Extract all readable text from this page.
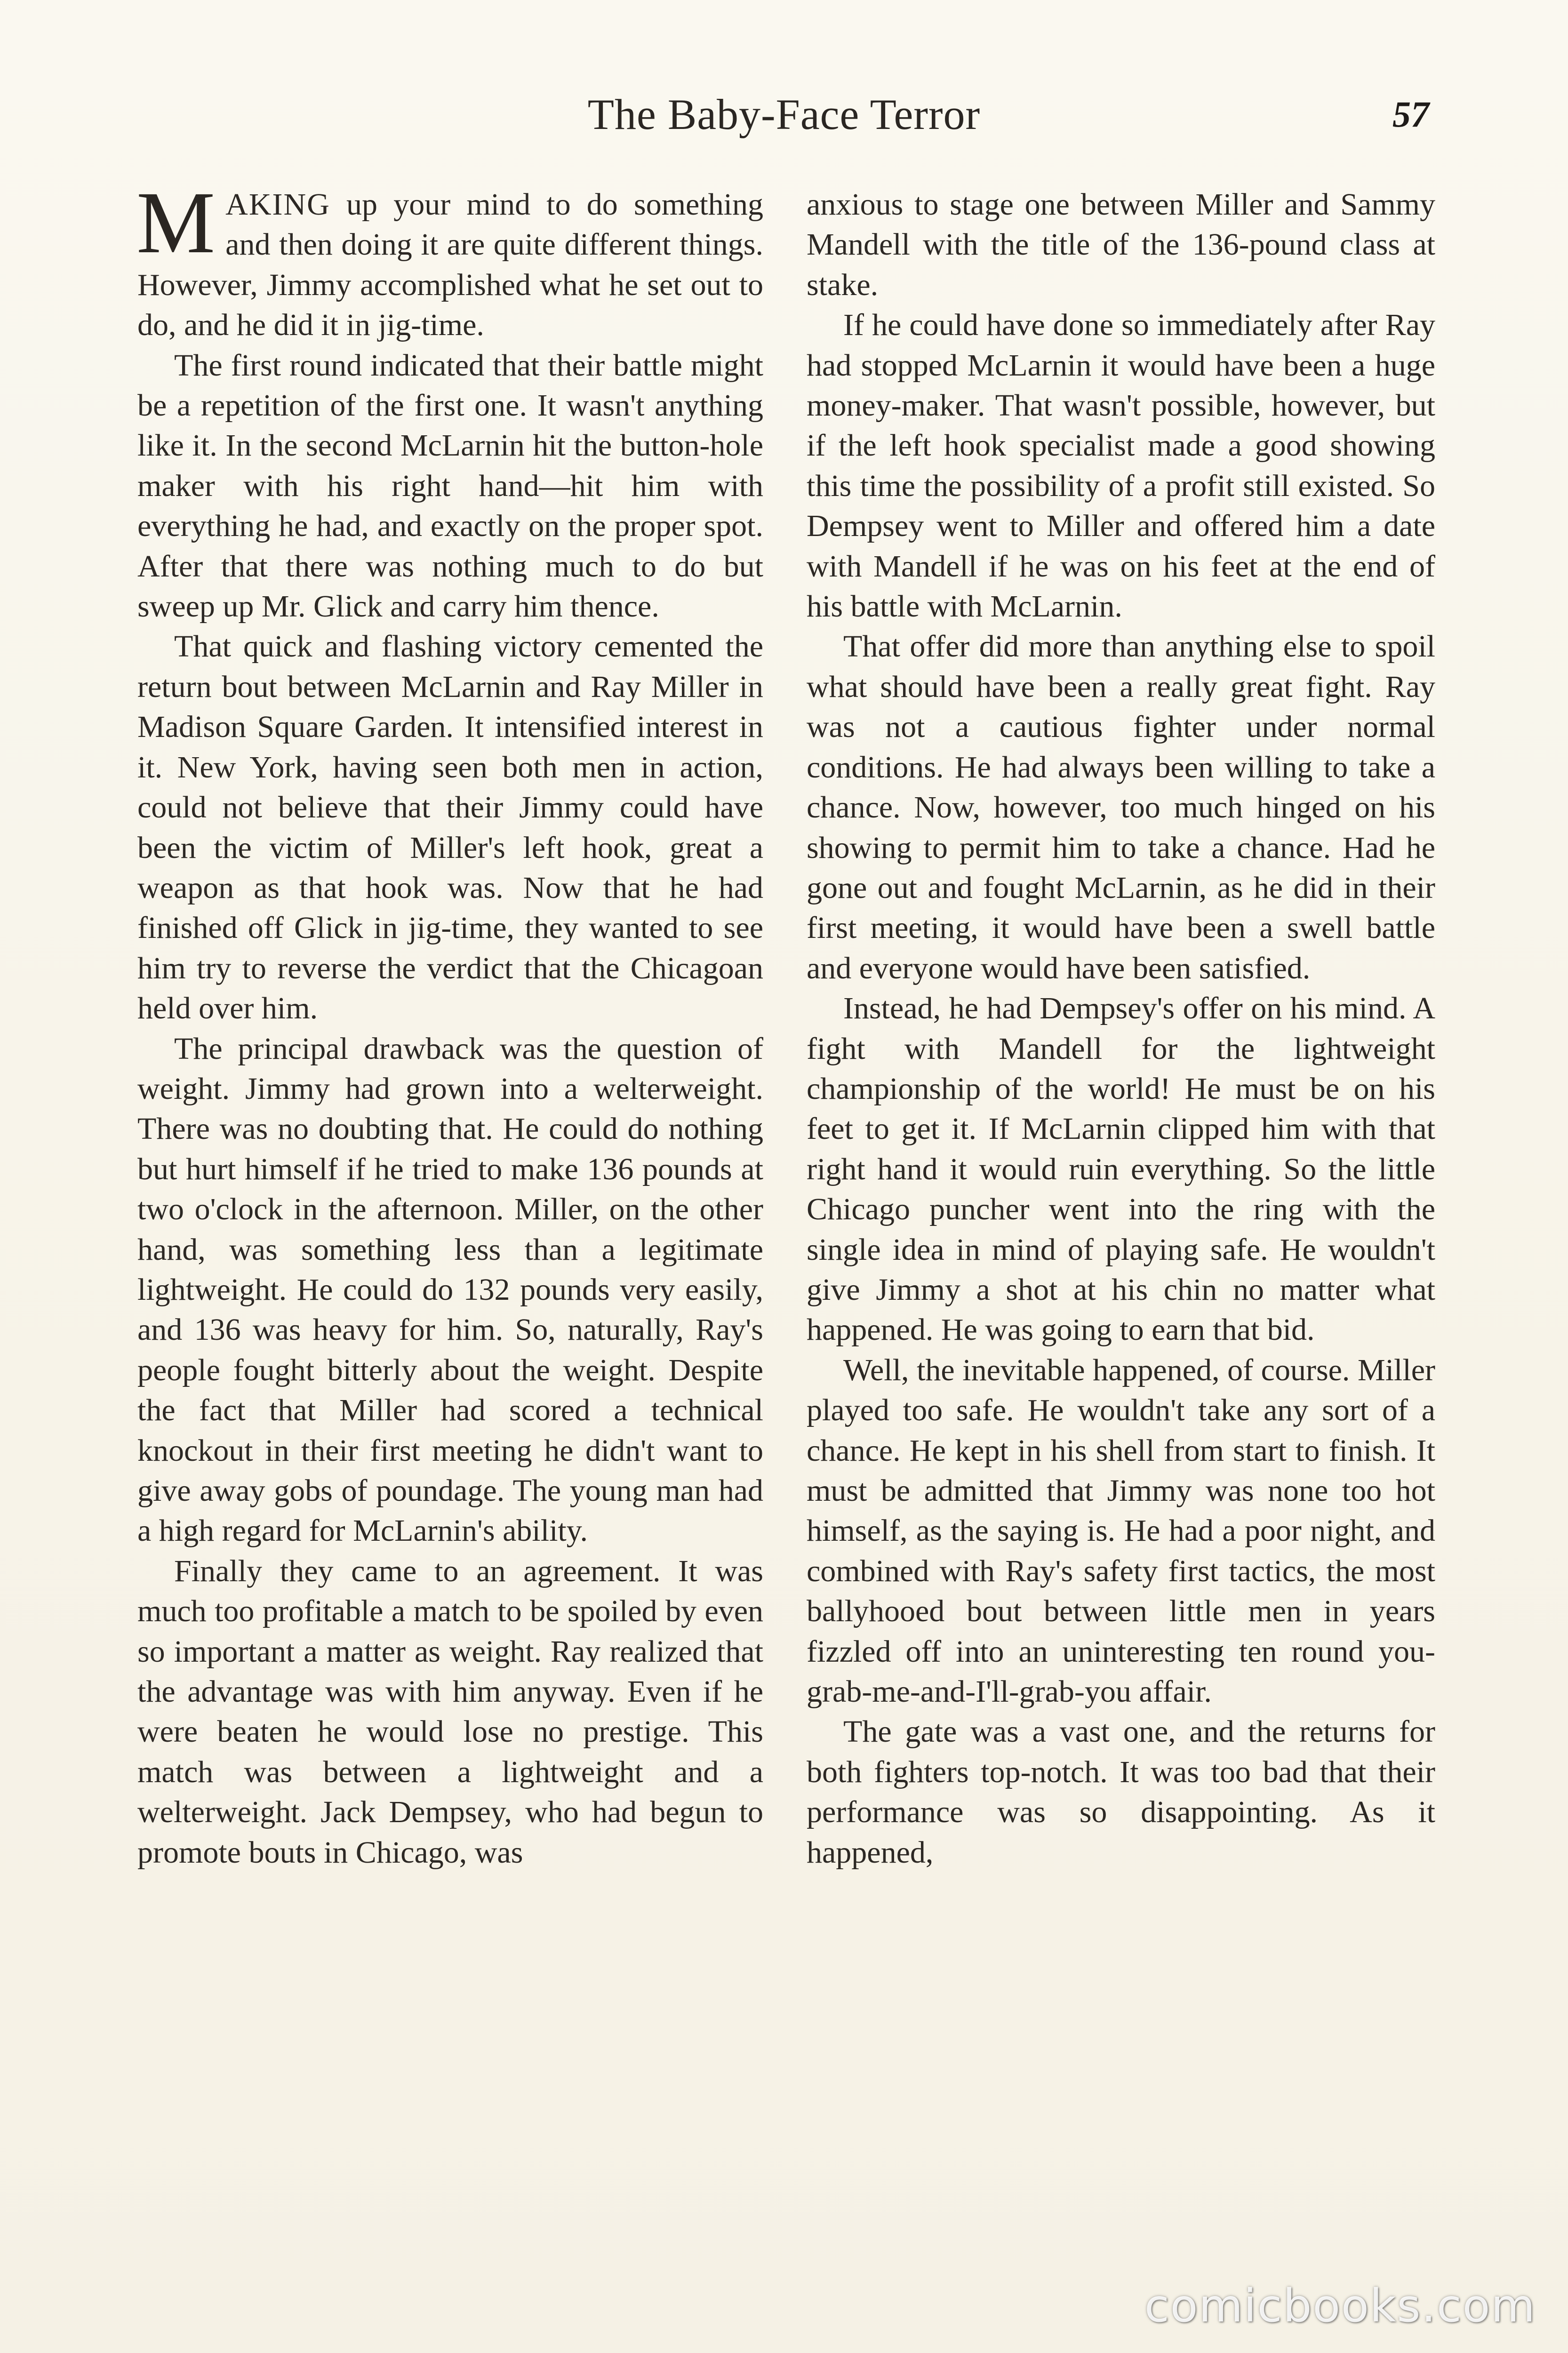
The Baby-Face Terror	57

MAKING up your mind to do something and then doing it are quite different things. However, Jimmy accomplished what he set out to do, and he did it in jig-time.

The first round indicated that their battle might be a repetition of the first one. It wasn't anything like it. In the second McLarnin hit the button-hole maker with his right hand—hit him with everything he had, and exactly on the proper spot. After that there was nothing much to do but sweep up Mr. Glick and carry him thence.

That quick and flashing victory cemented the return bout between McLarnin and Ray Miller in Madison Square Garden. It intensified interest in it. New York, having seen both men in action, could not believe that their Jimmy could have been the victim of Miller's left hook, great a weapon as that hook was. Now that he had finished off Glick in jig-time, they wanted to see him try to reverse the verdict that the Chicagoan held over him.

The principal drawback was the question of weight. Jimmy had grown into a welterweight. There was no doubting that. He could do nothing but hurt himself if he tried to make 136 pounds at two o'clock in the afternoon. Miller, on the other hand, was something less than a legitimate lightweight. He could do 132 pounds very easily, and 136 was heavy for him. So, naturally, Ray's people fought bitterly about the weight. Despite the fact that Miller had scored a technical knockout in their first meeting he didn't want to give away gobs of poundage. The young man had a high regard for McLarnin's ability.

Finally they came to an agreement. It was much too profitable a match to be spoiled by even so important a matter as weight. Ray realized that the advantage was with him anyway. Even if he were beaten he would lose no prestige. This match was between a lightweight and a welterweight. Jack Dempsey, who had begun to promote bouts in Chicago, was

anxious to stage one between Miller and Sammy Mandell with the title of the 136-pound class at stake.

If he could have done so immediately after Ray had stopped McLarnin it would have been a huge money-maker. That wasn't possible, however, but if the left hook specialist made a good showing this time the possibility of a profit still existed. So Dempsey went to Miller and offered him a date with Mandell if he was on his feet at the end of his battle with McLarnin.

That offer did more than anything else to spoil what should have been a really great fight. Ray was not a cautious fighter under normal conditions. He had always been willing to take a chance. Now, however, too much hinged on his showing to permit him to take a chance. Had he gone out and fought McLarnin, as he did in their first meeting, it would have been a swell battle and everyone would have been satisfied.

Instead, he had Dempsey's offer on his mind. A fight with Mandell for the lightweight championship of the world! He must be on his feet to get it. If McLarnin clipped him with that right hand it would ruin everything. So the little Chicago puncher went into the ring with the single idea in mind of playing safe. He wouldn't give Jimmy a shot at his chin no matter what happened. He was going to earn that bid.

Well, the inevitable happened, of course. Miller played too safe. He wouldn't take any sort of a chance. He kept in his shell from start to finish. It must be admitted that Jimmy was none too hot himself, as the saying is. He had a poor night, and combined with Ray's safety first tactics, the most ballyhooed bout between little men in years fizzled off into an uninteresting ten round you-grab-me-and-I'll-grab-you affair.

The gate was a vast one, and the returns for both fighters top-notch. It was too bad that their performance was so disappointing. As it happened,

comicbooks.com
